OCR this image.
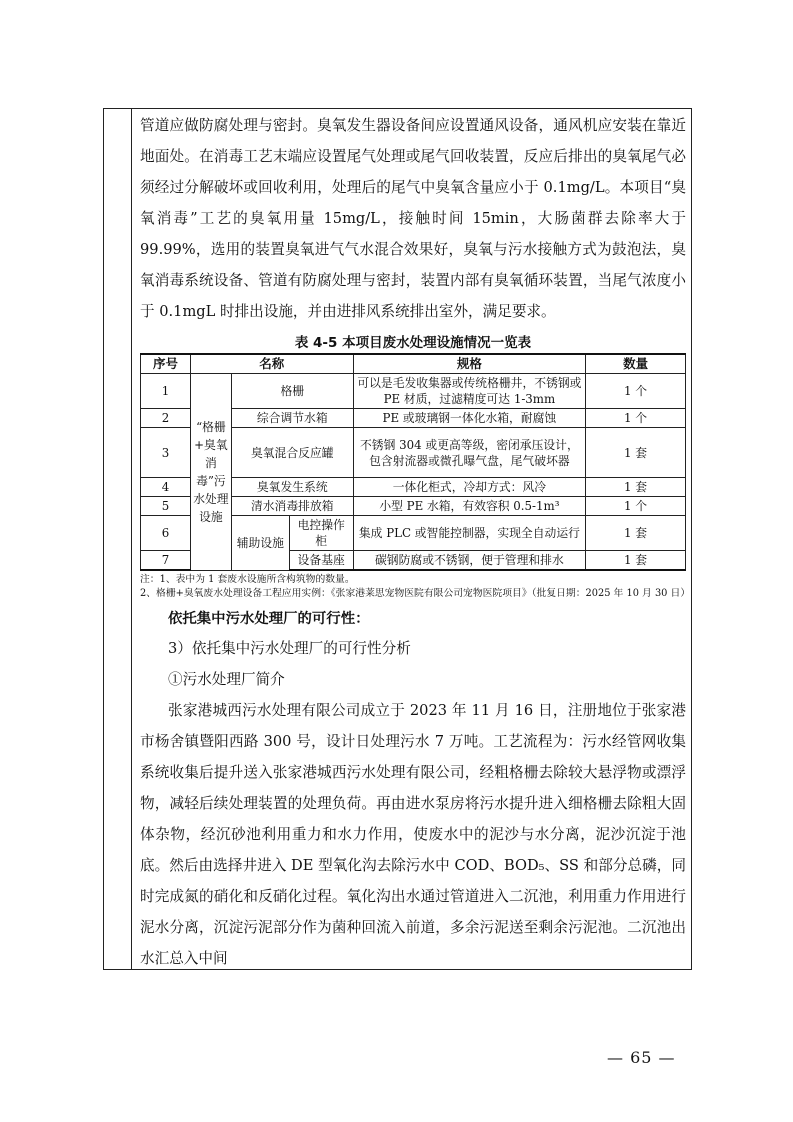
管道应做防腐处理与密封。臭氧发生器设备间应设置通风设备，通风机应安装在靠近地面处。在消毒工艺末端应设置尾气处理或尾气回收装置，反应后排出的臭氧尾气必须经过分解破坏或回收利用，处理后的尾气中臭氧含量应小于 0.1mg/L。本项目“臭氧消毒”工艺的臭氧用量 15mg/L，接触时间 15min，大肠菌群去除率大于 99.99%，选用的装置臭氧进气气水混合效果好，臭氧与污水接触方式为鼓泡法，臭氧消毒系统设备、管道有防腐处理与密封，装置内部有臭氧循环装置，当尾气浓度小于 0.1mgL 时排出设施，并由进排风系统排出室外，满足要求。

表 4-5 本项目废水处理设施情况一览表
序号	名称			规格	数量
1	“格栅+臭氧消毒”污水处理设施	格栅		可以是毛发收集器或传统格栅井，不锈钢或 PE 材质，过滤精度可达 1-3mm	1 个
2		综合调节水箱		PE 或玻璃钢一体化水箱，耐腐蚀	1 个
3		臭氧混合反应罐		不锈钢 304 或更高等级，密闭承压设计，包含射流器或微孔曝气盘，尾气破坏器	1 套
4		臭氧发生系统		一体化柜式，冷却方式：风冷	1 套
5		清水消毒排放箱		小型 PE 水箱，有效容积 0.5-1m³	1 个
6		辅助设施	电控操作柜	集成 PLC 或智能控制器，实现全自动运行	1 套
7			设备基座	碳钢防腐或不锈钢，便于管理和排水	1 套

注：1、表中为 1 套废水设施所含构筑物的数量。

2、格栅+臭氧废水处理设备工程应用实例：《张家港莱思宠物医院有限公司宠物医院项目》（批复日期：2025 年 10 月 30 日）

依托集中污水处理厂的可行性：

3）依托集中污水处理厂的可行性分析

①污水处理厂简介

张家港城西污水处理有限公司成立于 2023 年 11 月 16 日，注册地位于张家港市杨舍镇暨阳西路 300 号，设计日处理污水 7 万吨。工艺流程为：污水经管网收集系统收集后提升送入张家港城西污水处理有限公司，经粗格栅去除较大悬浮物或漂浮物，减轻后续处理装置的处理负荷。再由进水泵房将污水提升进入细格栅去除粗大固体杂物，经沉砂池利用重力和水力作用，使废水中的泥沙与水分离，泥沙沉淀于池底。然后由选择井进入 DE 型氧化沟去除污水中 COD、BOD₅、SS 和部分总磷，同时完成氮的硝化和反硝化过程。氧化沟出水通过管道进入二沉池，利用重力作用进行泥水分离，沉淀污泥部分作为菌种回流入前道，多余污泥送至剩余污泥池。二沉池出水汇总入中间

— 65 —
